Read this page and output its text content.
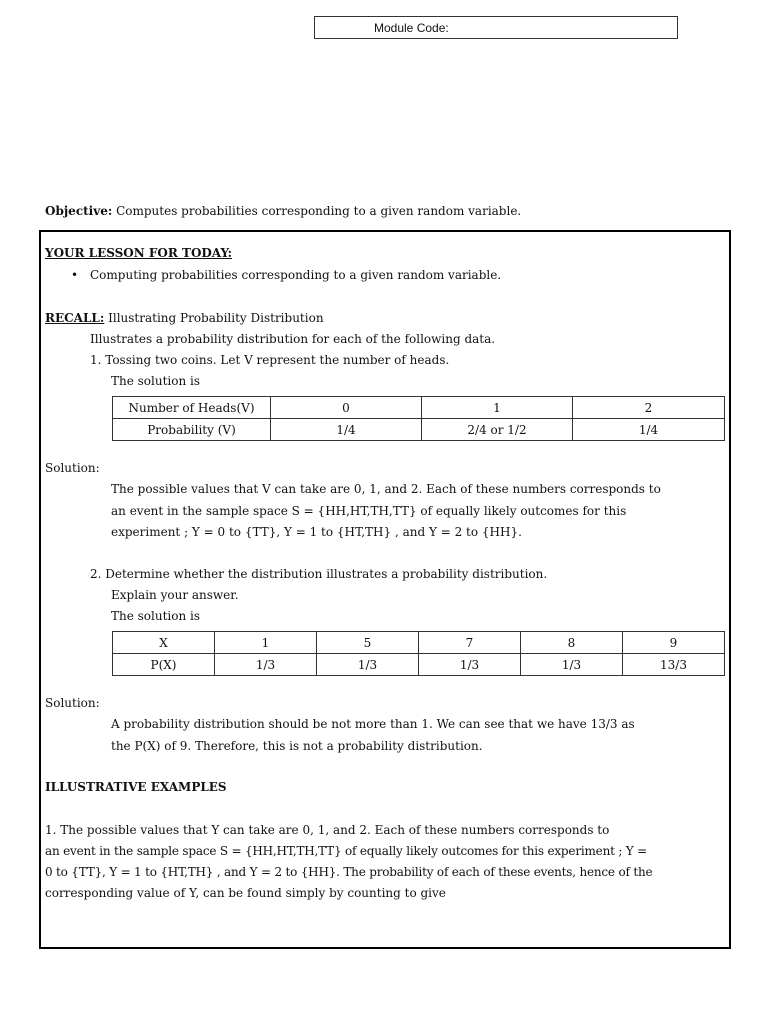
Module Code:
Objective: Computes probabilities corresponding to a given random variable.
YOUR LESSON FOR TODAY:
• Computing probabilities corresponding to a given random variable.
RECALL: Illustrating Probability Distribution
Illustrates a probability distribution for each of the following data.
1. Tossing two coins. Let V represent the number of heads.
The solution is
Number of Heads(V)	0	1	2
Probability (V)	1/4	2/4 or 1/2	1/4
Solution:
The possible values that V can take are 0, 1, and 2. Each of these numbers corresponds to
an event in the sample space S = {HH,HT,TH,TT} of equally likely outcomes for this
experiment ; Y = 0 to {TT}, Y = 1 to {HT,TH} , and Y = 2 to {HH}.
2. Determine whether the distribution illustrates a probability distribution.
Explain your answer.
The solution is
X	1	5	7	8	9
P(X)	1/3	1/3	1/3	1/3	13/3
Solution:
A probability distribution should be not more than 1. We can see that we have 13/3 as
the P(X) of 9. Therefore, this is not a probability distribution.
ILLUSTRATIVE EXAMPLES
1. The possible values that Y can take are 0, 1, and 2. Each of these numbers corresponds to
an event in the sample space S = {HH,HT,TH,TT} of equally likely outcomes for this experiment ; Y =
0 to {TT}, Y = 1 to {HT,TH} , and Y = 2 to {HH}. The probability of each of these events, hence of the
corresponding value of Y, can be found simply by counting to give
